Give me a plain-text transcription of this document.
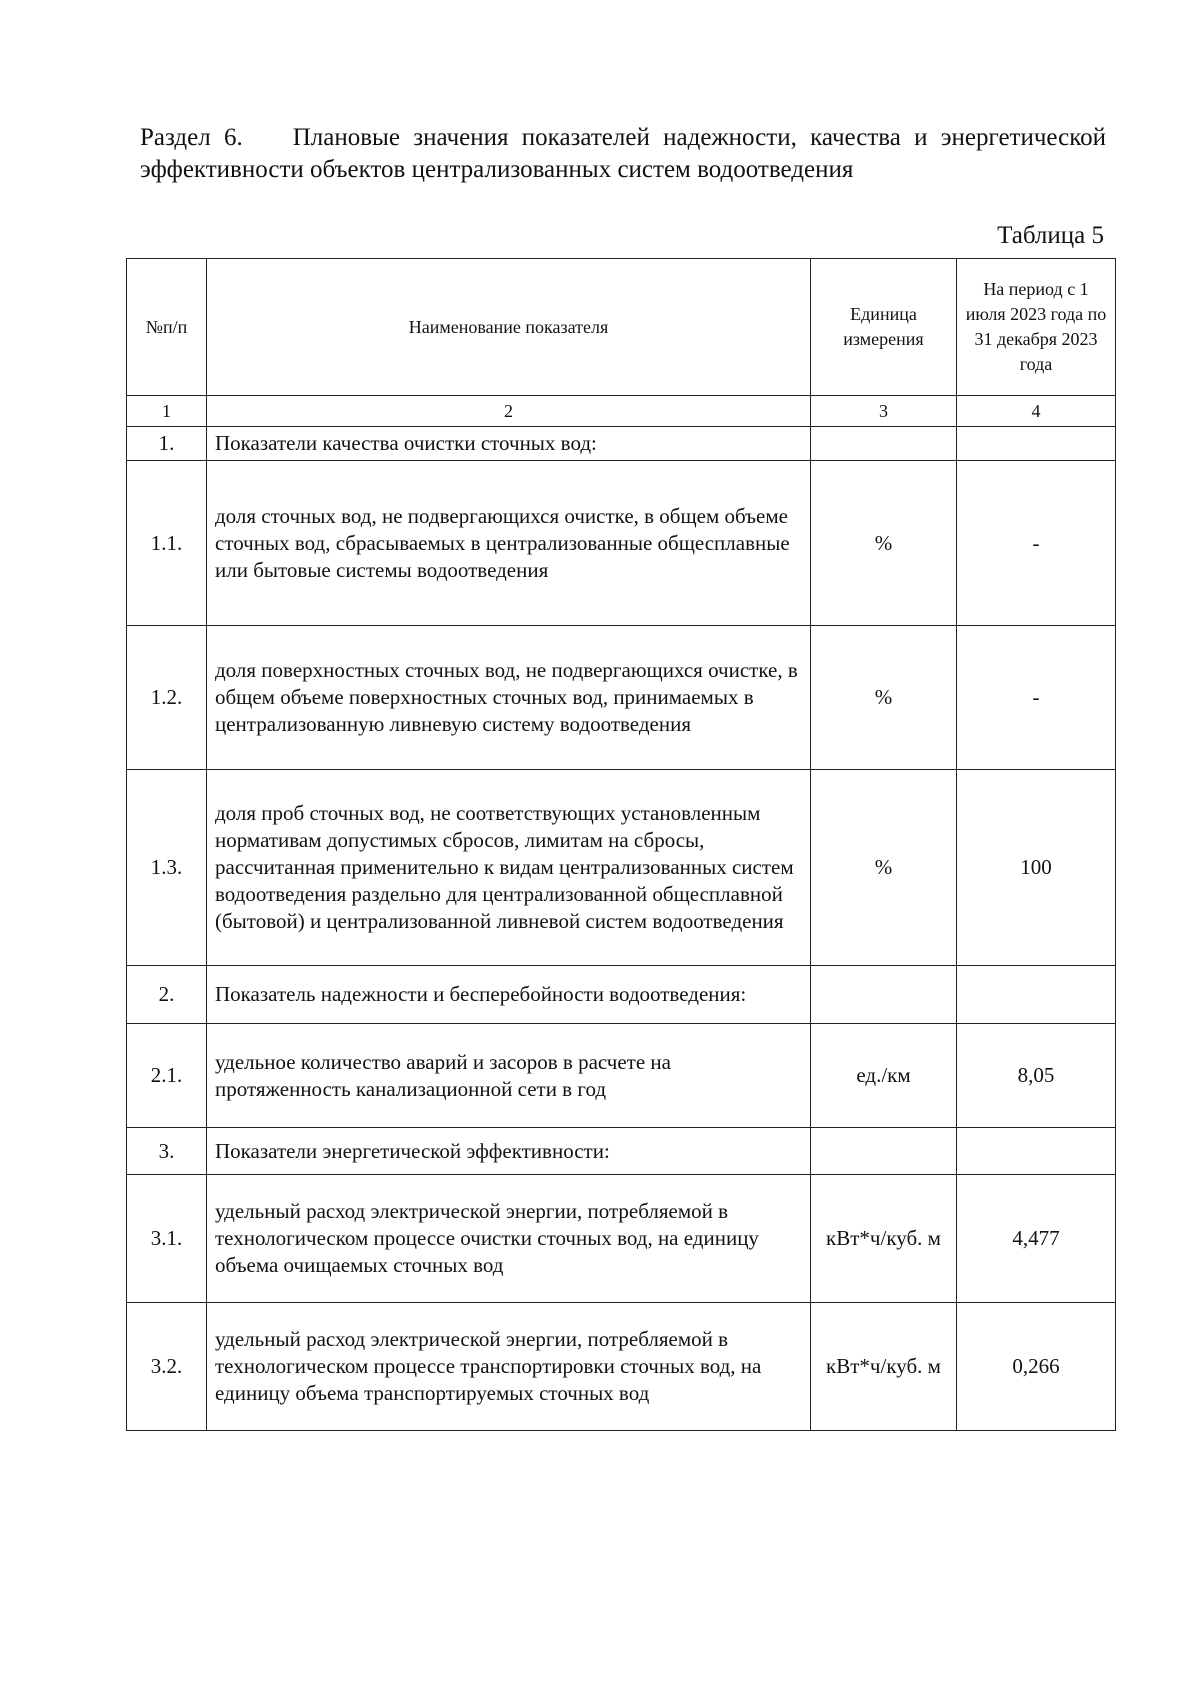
Раздел 6. Плановые значения показателей надежности, качества и энергетической эффективности объектов централизованных систем водоотведения
Таблица 5
№п/п	Наименование показателя	Единица измерения	На период с 1 июля 2023 года по 31 декабря 2023 года
1	2	3	4
1.	Показатели качества очистки сточных вод:		
1.1.	доля сточных вод, не подвергающихся очистке, в общем объеме сточных вод, сбрасываемых в централизованные общесплавные или бытовые системы водоотведения	%	-
1.2.	доля поверхностных сточных вод, не подвергающихся очистке, в общем объеме поверхностных сточных вод, принимаемых в централизованную ливневую систему водоотведения	%	-
1.3.	доля проб сточных вод, не соответствующих установленным нормативам допустимых сбросов, лимитам на сбросы, рассчитанная применительно к видам централизованных систем водоотведения раздельно для централизованной общесплавной (бытовой) и централизованной ливневой систем водоотведения	%	100
2.	Показатель надежности и бесперебойности водоотведения:		
2.1.	удельное количество аварий и засоров в расчете на протяженность канализационной сети в год	ед./км	8,05
3.	Показатели энергетической эффективности:		
3.1.	удельный расход электрической энергии, потребляемой в технологическом процессе очистки сточных вод, на единицу объема очищаемых сточных вод	кВт*ч/куб. м	4,477
3.2.	удельный расход электрической энергии, потребляемой в технологическом процессе транспортировки сточных вод, на единицу объема транспортируемых сточных вод	кВт*ч/куб. м	0,266
